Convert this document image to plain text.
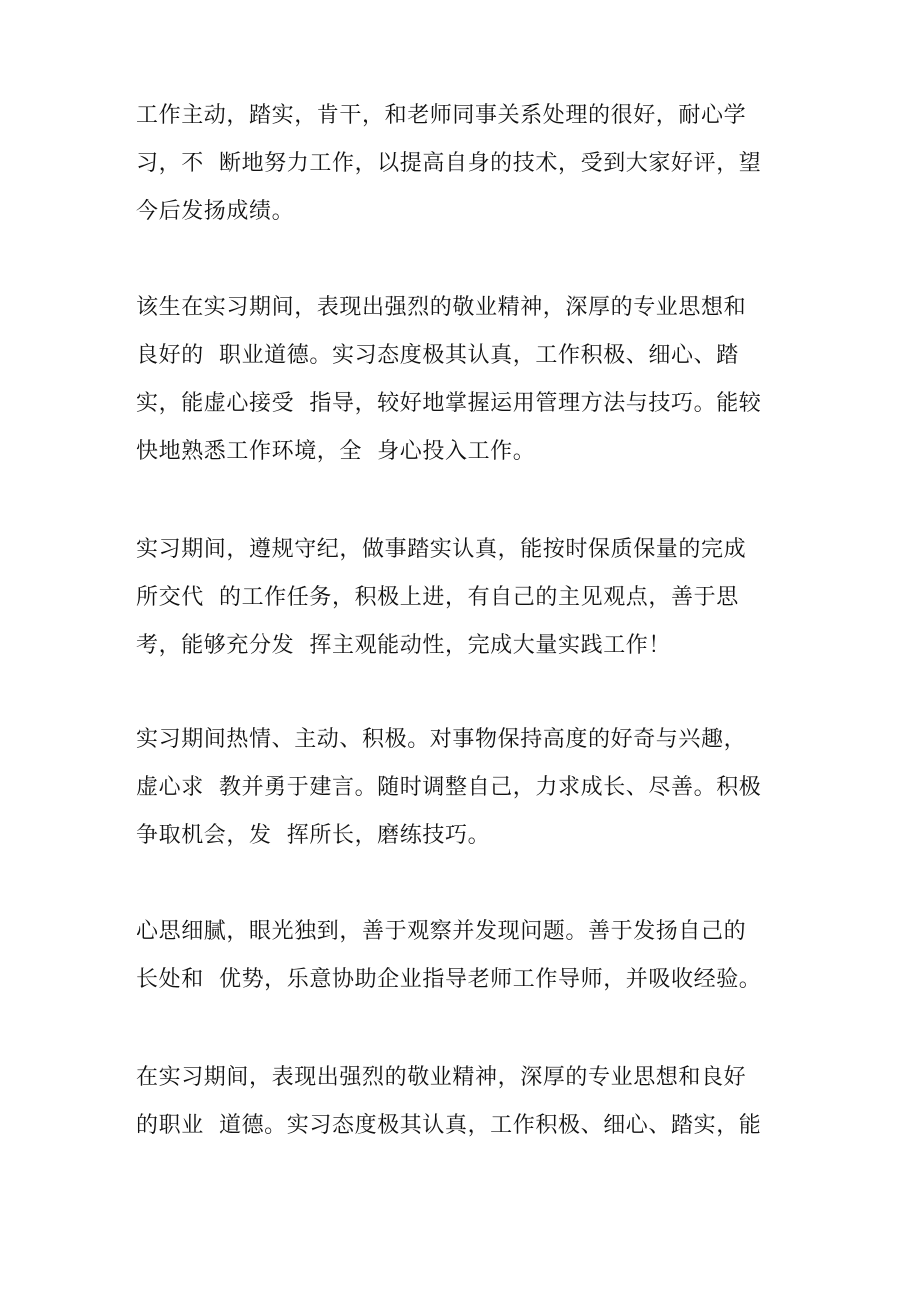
工作主动，踏实，肯干，和老师同事关系处理的很好，耐心学
习，不  断地努力工作，以提高自身的技术，受到大家好评，望
今后发扬成绩。

该生在实习期间，表现出强烈的敬业精神，深厚的专业思想和
良好的  职业道德。实习态度极其认真，工作积极、细心、踏
实，能虚心接受  指导，较好地掌握运用管理方法与技巧。能较
快地熟悉工作环境，全  身心投入工作。

实习期间，遵规守纪，做事踏实认真，能按时保质保量的完成
所交代  的工作任务，积极上进，有自己的主见观点，善于思
考，能够充分发  挥主观能动性，完成大量实践工作！

实习期间热情、主动、积极。对事物保持高度的好奇与兴趣，
虚心求  教并勇于建言。随时调整自己，力求成长、尽善。积极
争取机会，发  挥所长，磨练技巧。

心思细腻，眼光独到，善于观察并发现问题。善于发扬自己的
长处和  优势，乐意协助企业指导老师工作导师，并吸收经验。

在实习期间，表现出强烈的敬业精神，深厚的专业思想和良好
的职业  道德。实习态度极其认真，工作积极、细心、踏实，能
